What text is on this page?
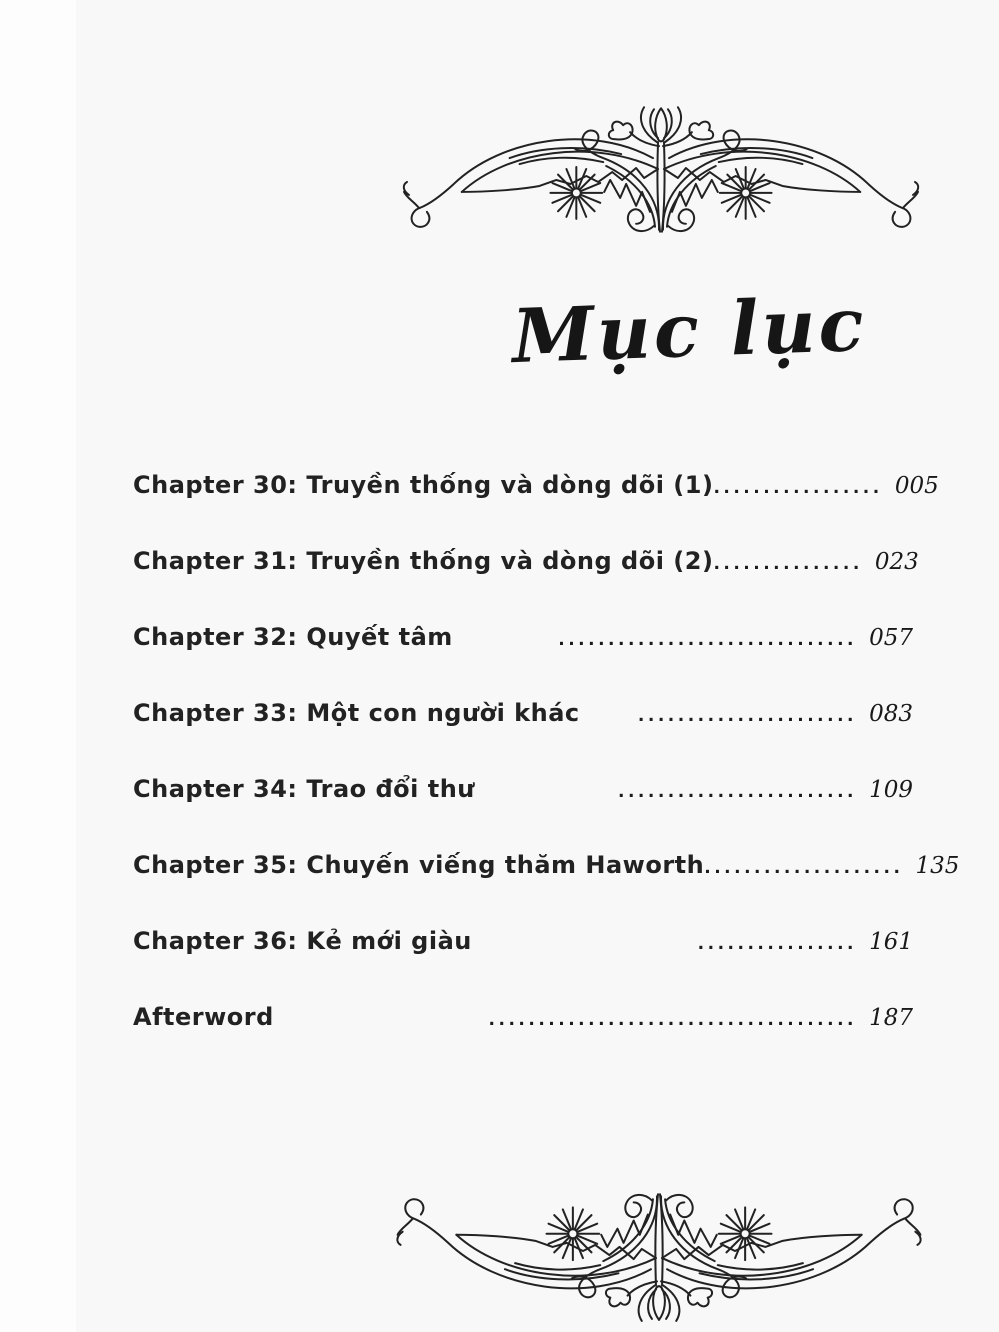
Mục lục
Chapter 30: Truyền thống và dòng dõi (1) ................. 005
Chapter 31: Truyền thống và dòng dõi (2) ............... 023
Chapter 32: Quyết tâm	.............................. 057
Chapter 33: Một con người khác	...................... 083
Chapter 34: Trao đổi thư	........................ 109
Chapter 35: Chuyến viếng thăm Haworth .................... 135
Chapter 36: Kẻ mới giàu	................ 161
Afterword	..................................... 187
